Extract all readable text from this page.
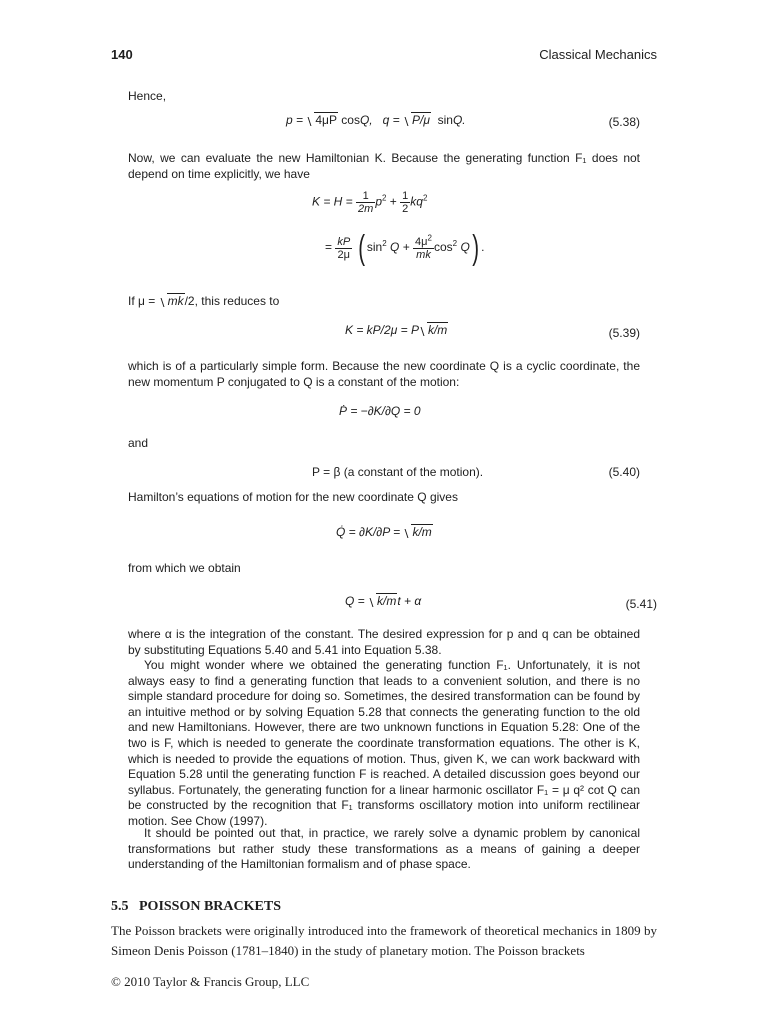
140	Classical Mechanics
Hence,
p = 4μP cosQ, q = P/μ  sinQ.	(5.38)
Now, we can evaluate the new Hamiltonian K. Because the generating function F₁ does not depend on time explicitly, we have
$K = H = \frac{1}{2m} p^2 + \frac{1}{2} kq^2$
= $\frac{kP}{2\mu}$ ( $\sin^2 Q + \frac{4\mu^2}{mk} \cos^2 Q$) .
If μ = mk/2, this reduces to
K = kP/2μ = P k/m	(5.39)
which is of a particularly simple form. Because the new coordinate Q is a cyclic coordinate, the new momentum P conjugated to Q is a constant of the motion:
Ṗ = −∂K/∂Q = 0
and
P = β (a constant of the motion).	(5.40)
Hamilton’s equations of motion for the new coordinate Q gives
Q̇ = ∂K/∂P = k/m
from which we obtain
Q = k/mt + α	(5.41)
where α is the integration of the constant. The desired expression for p and q can be obtained by substituting Equations 5.40 and 5.41 into Equation 5.38.
You might wonder where we obtained the generating function F₁. Unfortunately, it is not always easy to find a generating function that leads to a convenient solution, and there is no simple standard procedure for doing so. Sometimes, the desired transformation can be found by an intuitive method or by solving Equation 5.28 that connects the generating function to the old and new Hamiltonians. However, there are two unknown functions in Equation 5.28: One of the two is F, which is needed to generate the coordinate transformation equations. The other is K, which is needed to provide the equations of motion. Thus, given K, we can work backward with Equation 5.28 until the generating function F is reached. A detailed discussion goes beyond our syllabus. Fortunately, the generating function for a linear harmonic oscillator F₁ = μ q² cot Q can be constructed by the recognition that F₁ transforms oscillatory motion into uniform rectilinear motion. See Chow (1997).
It should be pointed out that, in practice, we rarely solve a dynamic problem by canonical transformations but rather study these transformations as a means of gaining a deeper understanding of the Hamiltonian formalism and of phase space.
5.5 POISSON BRACKETS
The Poisson brackets were originally introduced into the framework of theoretical mechanics in 1809 by Simeon Denis Poisson (1781–1840) in the study of planetary motion. The Poisson brackets
© 2010 Taylor & Francis Group, LLC
